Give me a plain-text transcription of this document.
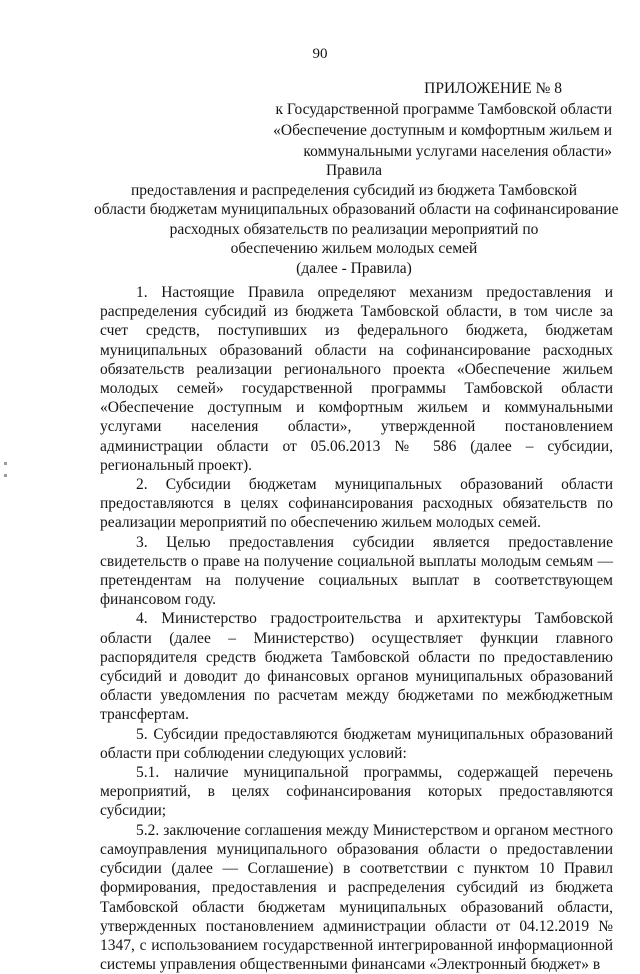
90
ПРИЛОЖЕНИЕ № 8
к Государственной программе Тамбовской области
«Обеспечение доступным и комфортным жильем и
коммунальными услугами населения области»
Правила
предоставления и распределения субсидий из бюджета Тамбовской
области бюджетам муниципальных образований области на софинансирование
расходных обязательств по реализации мероприятий по
обеспечению жильем молодых семей
(далее - Правила)

1. Настоящие Правила определяют механизм предоставления и распределения субсидий из бюджета Тамбовской области, в том числе за счет средств, поступивших из федерального бюджета, бюджетам муниципальных образований области на софинансирование расходных обязательств реализации регионального проекта «Обеспечение жильем молодых семей» государственной программы Тамбовской области «Обеспечение доступным и комфортным жильем и коммунальными услугами населения области», утвержденной постановлением администрации области от 05.06.2013 № 586 (далее – субсидии, региональный проект).

2. Субсидии бюджетам муниципальных образований области предоставляются в целях софинансирования расходных обязательств по реализации мероприятий по обеспечению жильем молодых семей.

3. Целью предоставления субсидии является предоставление свидетельств о праве на получение социальной выплаты молодым семьям — претендентам на получение социальных выплат в соответствующем финансовом году.

4. Министерство градостроительства и архитектуры Тамбовской области (далее – Министерство) осуществляет функции главного распорядителя средств бюджета Тамбовской области по предоставлению субсидий и доводит до финансовых органов муниципальных образований области уведомления по расчетам между бюджетами по межбюджетным трансфертам.

5. Субсидии предоставляются бюджетам муниципальных образований области при соблюдении следующих условий:

5.1. наличие муниципальной программы, содержащей перечень мероприятий, в целях софинансирования которых предоставляются субсидии;

5.2. заключение соглашения между Министерством и органом местного самоуправления муниципального образования области о предоставлении субсидии (далее — Соглашение) в соответствии с пунктом 10 Правил формирования, предоставления и распределения субсидий из бюджета Тамбовской области бюджетам муниципальных образований области, утвержденных постановлением администрации области от 04.12.2019 № 1347, с использованием государственной интегрированной информационной системы управления общественными финансами «Электронный бюджет» в
